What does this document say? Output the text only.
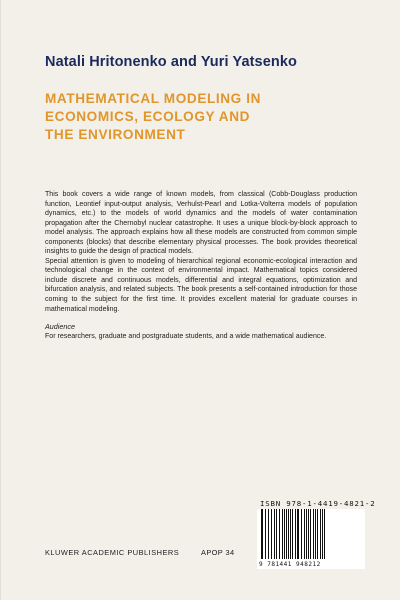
Natali Hritonenko and Yuri Yatsenko
MATHEMATICAL MODELING IN
ECONOMICS, ECOLOGY AND
THE ENVIRONMENT

This book covers a wide range of known models, from classical (Cobb-Douglass production function, Leontief input-output analysis, Verhulst-Pearl and Lotka-Volterra models of population dynamics, etc.) to the models of world dynamics and the models of water contamination propagation after the Chernobyl nuclear catastrophe. It uses a unique block-by-block approach to model analysis. The approach explains how all these models are constructed from common simple components (blocks) that describe elementary physical processes. The book provides theoretical insights to guide the design of practical models.

Special attention is given to modeling of hierarchical regional economic-ecological interaction and technological change in the context of environmental impact. Mathematical topics considered include discrete and continuous models, differential and integral equations, optimization and bifurcation analysis, and related subjects. The book presents a self-contained introduction for those coming to the subject for the first time. It provides excellent material for graduate courses in mathematical modeling.

Audience
For researchers, graduate and postgraduate students, and a wide mathematical audience.
ISBN 978-1-4419-4821-2
9 781441 948212
KLUWER ACADEMIC PUBLISHERS	APOP 34
